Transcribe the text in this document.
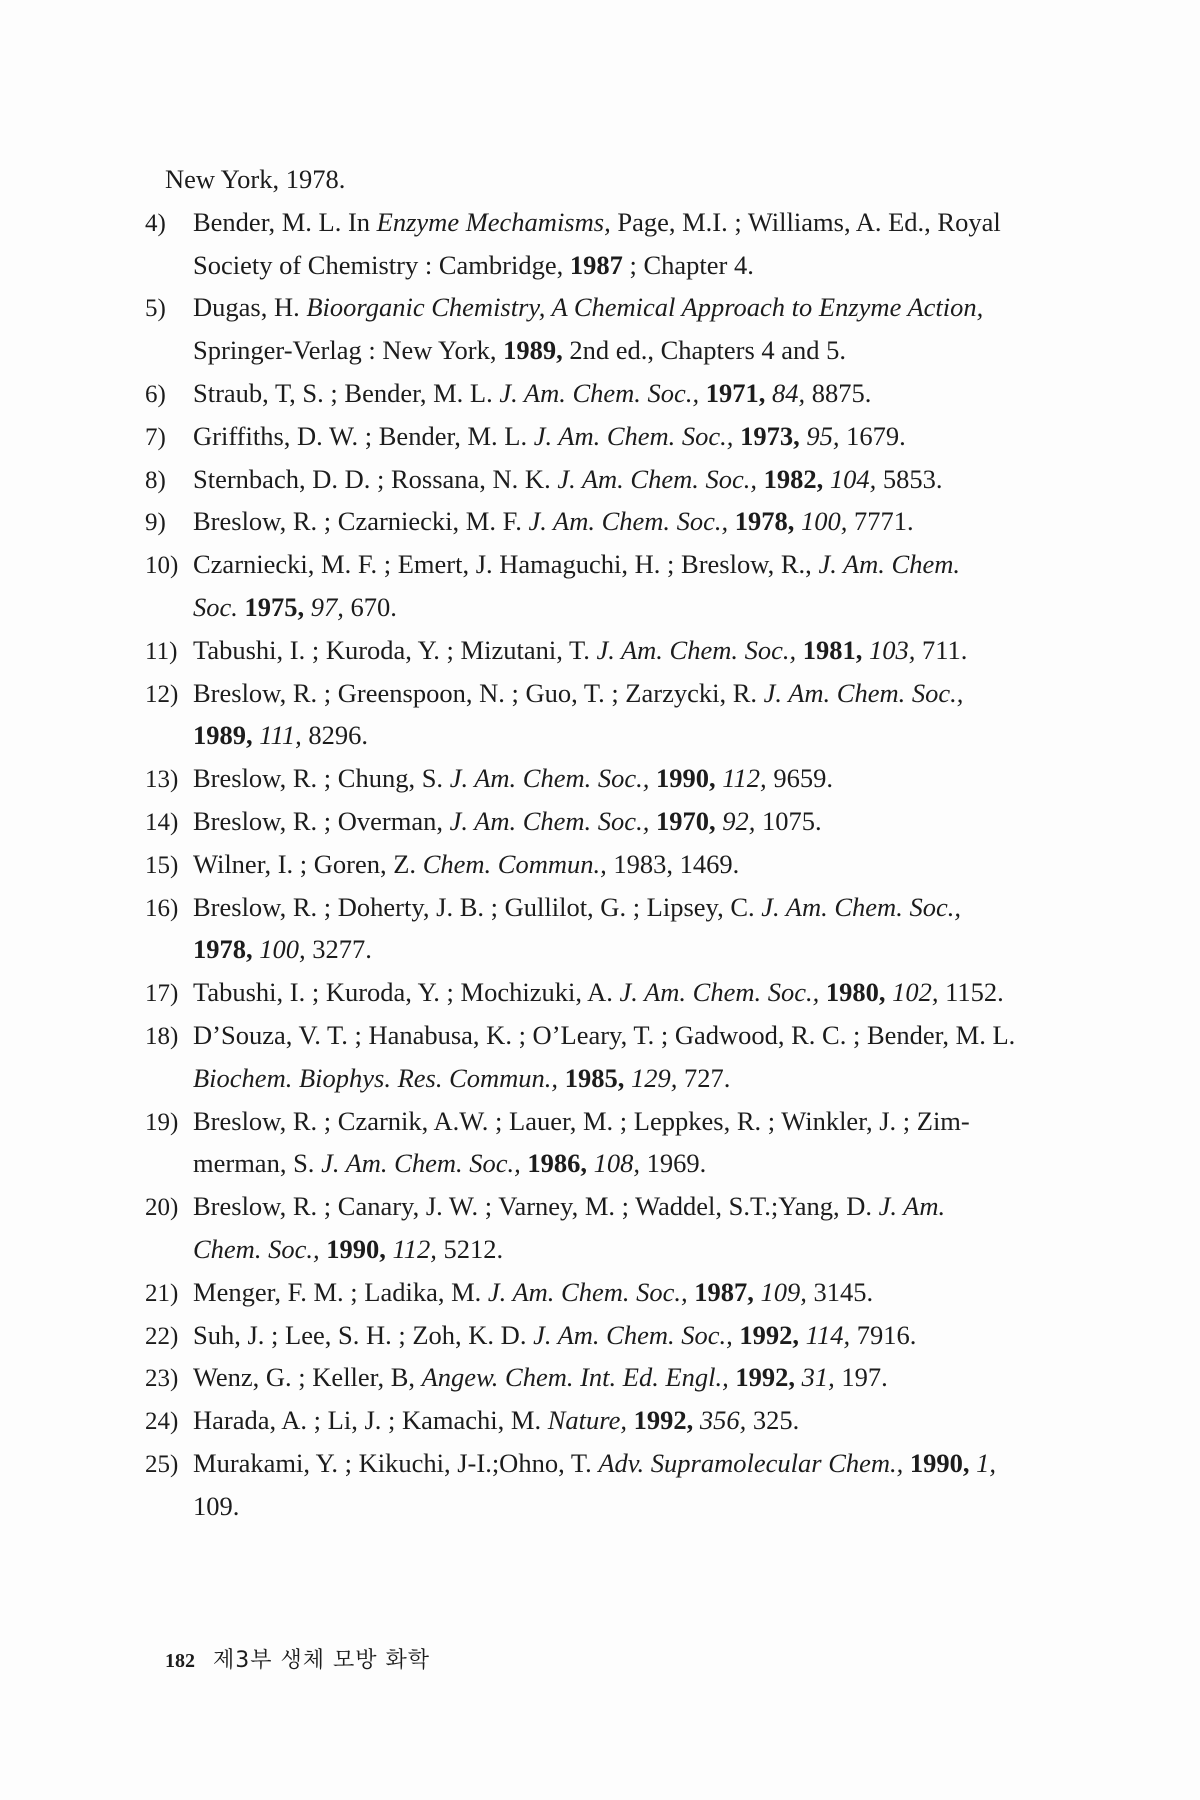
New York, 1978.
4) Bender, M. L. In Enzyme Mechamisms, Page, M.I. ; Williams, A. Ed., Royal
Society of Chemistry : Cambridge, 1987 ; Chapter 4.
5) Dugas, H. Bioorganic Chemistry, A Chemical Approach to Enzyme Action,
Springer-Verlag : New York, 1989, 2nd ed., Chapters 4 and 5.
6) Straub, T, S. ; Bender, M. L. J. Am. Chem. Soc., 1971, 84, 8875.
7) Griffiths, D. W. ; Bender, M. L. J. Am. Chem. Soc., 1973, 95, 1679.
8) Sternbach, D. D. ; Rossana, N. K. J. Am. Chem. Soc., 1982, 104, 5853.
9) Breslow, R. ; Czarniecki, M. F. J. Am. Chem. Soc., 1978, 100, 7771.
10) Czarniecki, M. F. ; Emert, J. Hamaguchi, H. ; Breslow, R., J. Am. Chem.
Soc. 1975, 97, 670.
11) Tabushi, I. ; Kuroda, Y. ; Mizutani, T. J. Am. Chem. Soc., 1981, 103, 711.
12) Breslow, R. ; Greenspoon, N. ; Guo, T. ; Zarzycki, R. J. Am. Chem. Soc.,
1989, 111, 8296.
13) Breslow, R. ; Chung, S. J. Am. Chem. Soc., 1990, 112, 9659.
14) Breslow, R. ; Overman, J. Am. Chem. Soc., 1970, 92, 1075.
15) Wilner, I. ; Goren, Z. Chem. Commun., 1983, 1469.
16) Breslow, R. ; Doherty, J. B. ; Gullilot, G. ; Lipsey, C. J. Am. Chem. Soc.,
1978, 100, 3277.
17) Tabushi, I. ; Kuroda, Y. ; Mochizuki, A. J. Am. Chem. Soc., 1980, 102, 1152.
18) D’Souza, V. T. ; Hanabusa, K. ; O’Leary, T. ; Gadwood, R. C. ; Bender, M. L.
Biochem. Biophys. Res. Commun., 1985, 129, 727.
19) Breslow, R. ; Czarnik, A.W. ; Lauer, M. ; Leppkes, R. ; Winkler, J. ; Zim-
merman, S. J. Am. Chem. Soc., 1986, 108, 1969.
20) Breslow, R. ; Canary, J. W. ; Varney, M. ; Waddel, S.T.;Yang, D. J. Am.
Chem. Soc., 1990, 112, 5212.
21) Menger, F. M. ; Ladika, M. J. Am. Chem. Soc., 1987, 109, 3145.
22) Suh, J. ; Lee, S. H. ; Zoh, K. D. J. Am. Chem. Soc., 1992, 114, 7916.
23) Wenz, G. ; Keller, B, Angew. Chem. Int. Ed. Engl., 1992, 31, 197.
24) Harada, A. ; Li, J. ; Kamachi, M. Nature, 1992, 356, 325.
25) Murakami, Y. ; Kikuchi, J-I.;Ohno, T. Adv. Supramolecular Chem., 1990, 1,
109.
182 제3부 생체 모방 화학
